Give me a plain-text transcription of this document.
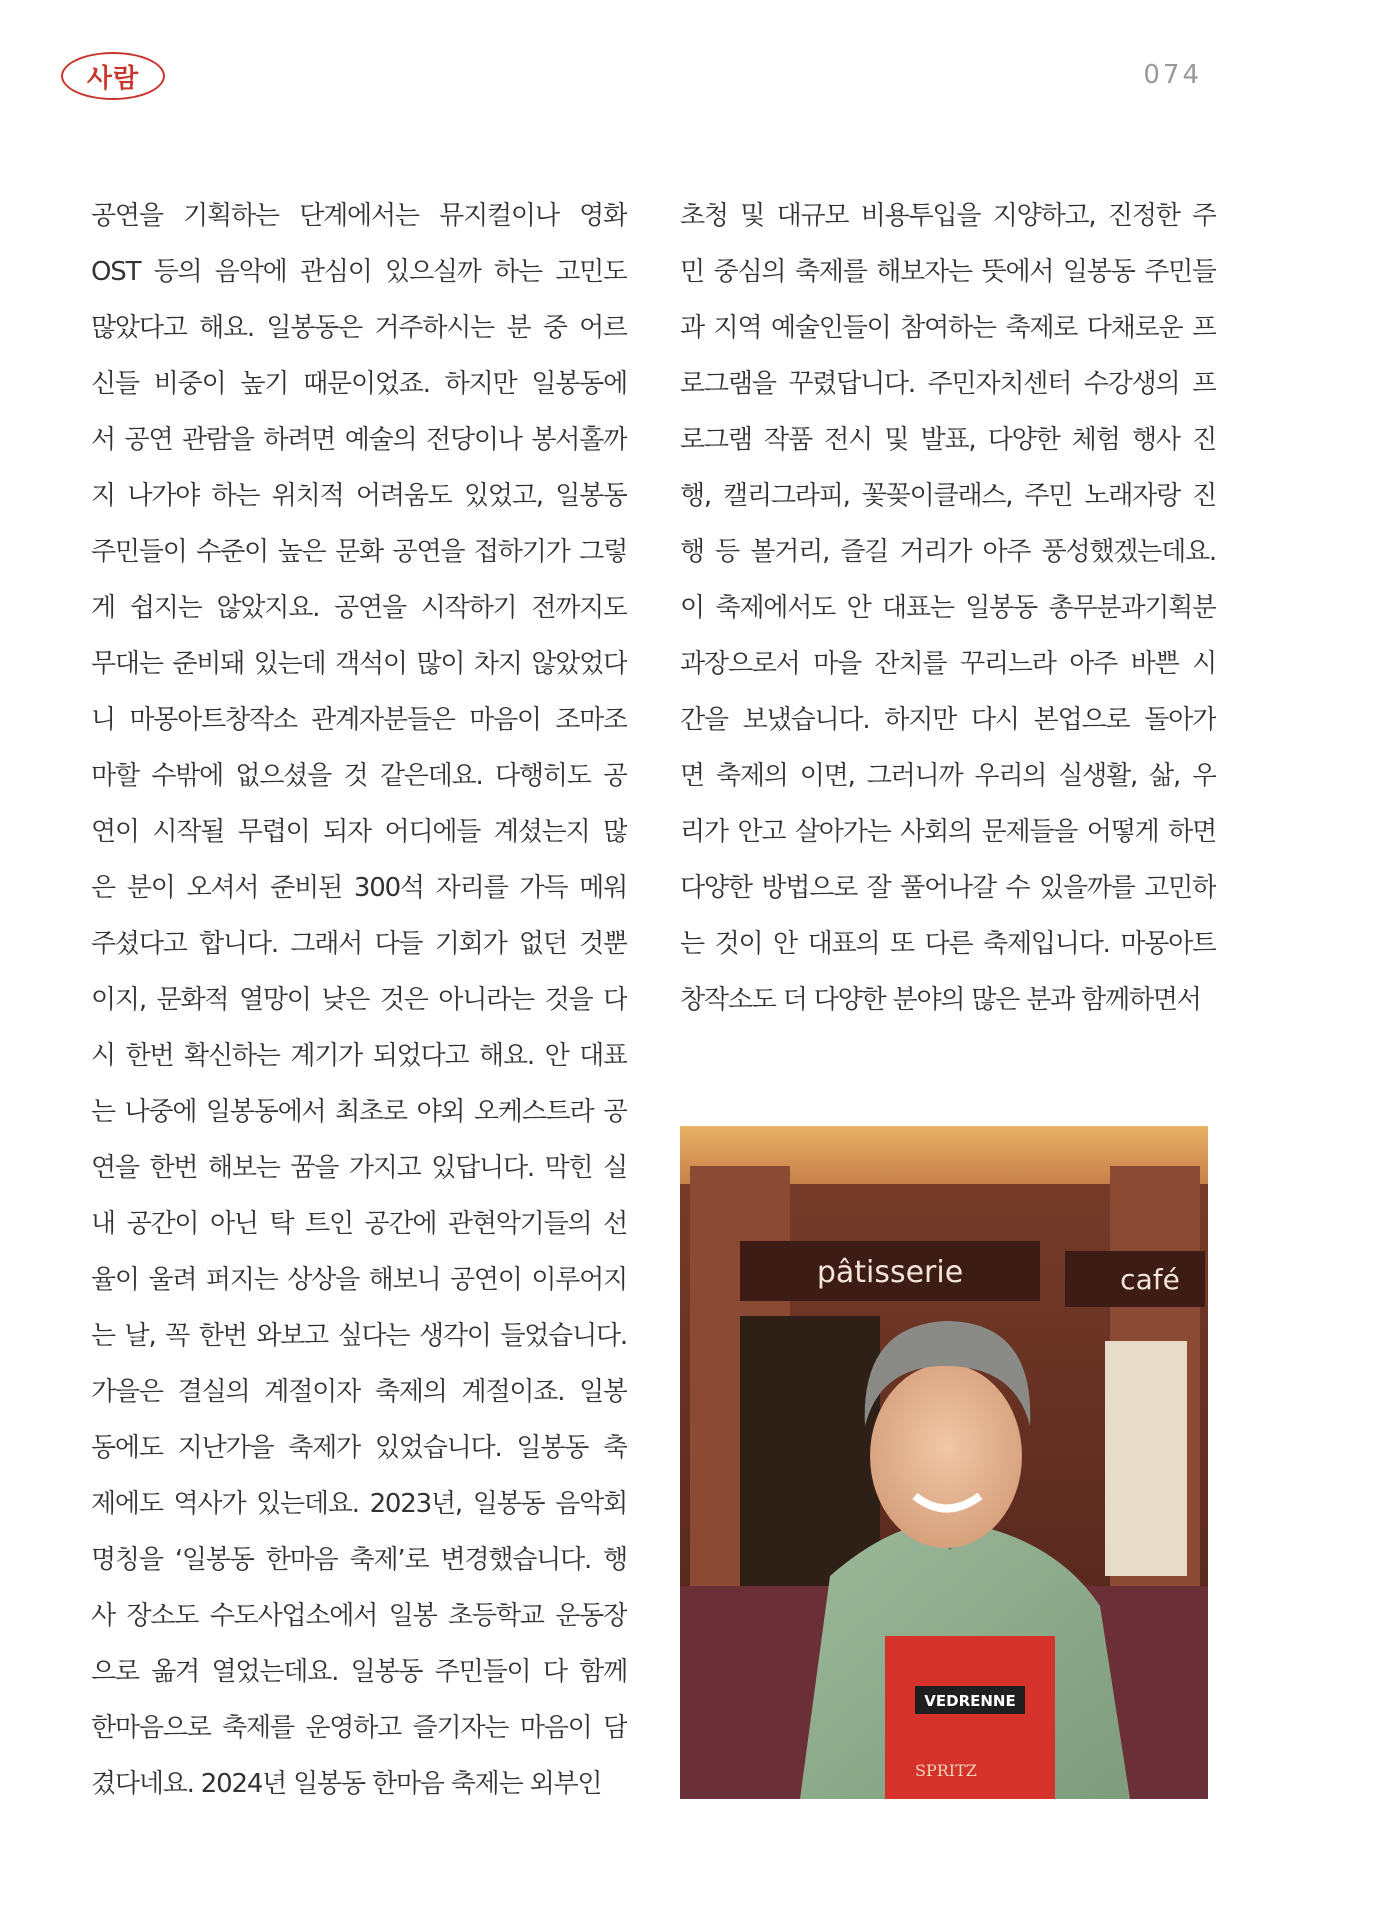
사람	074
공연을 기획하는 단계에서는 뮤지컬이나 영화
OST 등의 음악에 관심이 있으실까 하는 고민도
많았다고 해요. 일봉동은 거주하시는 분 중 어르
신들 비중이 높기 때문이었죠. 하지만 일봉동에
서 공연 관람을 하려면 예술의 전당이나 봉서홀까
지 나가야 하는 위치적 어려움도 있었고, 일봉동
주민들이 수준이 높은 문화 공연을 접하기가 그렇
게 쉽지는 않았지요. 공연을 시작하기 전까지도
무대는 준비돼 있는데 객석이 많이 차지 않았었다
니 마몽아트창작소 관계자분들은 마음이 조마조
마할 수밖에 없으셨을 것 같은데요. 다행히도 공
연이 시작될 무렵이 되자 어디에들 계셨는지 많
은 분이 오셔서 준비된 300석 자리를 가득 메워
주셨다고 합니다. 그래서 다들 기회가 없던 것뿐
이지, 문화적 열망이 낮은 것은 아니라는 것을 다
시 한번 확신하는 계기가 되었다고 해요. 안 대표
는 나중에 일봉동에서 최초로 야외 오케스트라 공
연을 한번 해보는 꿈을 가지고 있답니다. 막힌 실
내 공간이 아닌 탁 트인 공간에 관현악기들의 선
율이 울려 퍼지는 상상을 해보니 공연이 이루어지
는 날, 꼭 한번 와보고 싶다는 생각이 들었습니다.
가을은 결실의 계절이자 축제의 계절이죠. 일봉
동에도 지난가을 축제가 있었습니다. 일봉동 축
제에도 역사가 있는데요. 2023년, 일봉동 음악회
명칭을 ‘일봉동 한마음 축제’로 변경했습니다. 행
사 장소도 수도사업소에서 일봉 초등학교 운동장
으로 옮겨 열었는데요. 일봉동 주민들이 다 함께
한마음으로 축제를 운영하고 즐기자는 마음이 담
겼다네요. 2024년 일봉동 한마음 축제는 외부인
초청 및 대규모 비용투입을 지양하고, 진정한 주
민 중심의 축제를 해보자는 뜻에서 일봉동 주민들
과 지역 예술인들이 참여하는 축제로 다채로운 프
로그램을 꾸렸답니다. 주민자치센터 수강생의 프
로그램 작품 전시 및 발표, 다양한 체험 행사 진
행, 캘리그라피, 꽃꽂이클래스, 주민 노래자랑 진
행 등 볼거리, 즐길 거리가 아주 풍성했겠는데요.
이 축제에서도 안 대표는 일봉동 총무분과기획분
과장으로서 마을 잔치를 꾸리느라 아주 바쁜 시
간을 보냈습니다. 하지만 다시 본업으로 돌아가
면 축제의 이면, 그러니까 우리의 실생활, 삶, 우
리가 안고 살아가는 사회의 문제들을 어떻게 하면
다양한 방법으로 잘 풀어나갈 수 있을까를 고민하
는 것이 안 대표의 또 다른 축제입니다. 마몽아트
창작소도 더 다양한 분야의 많은 분과 함께하면서
pâtisserie	café
VEDRENNE
SPRITZ
